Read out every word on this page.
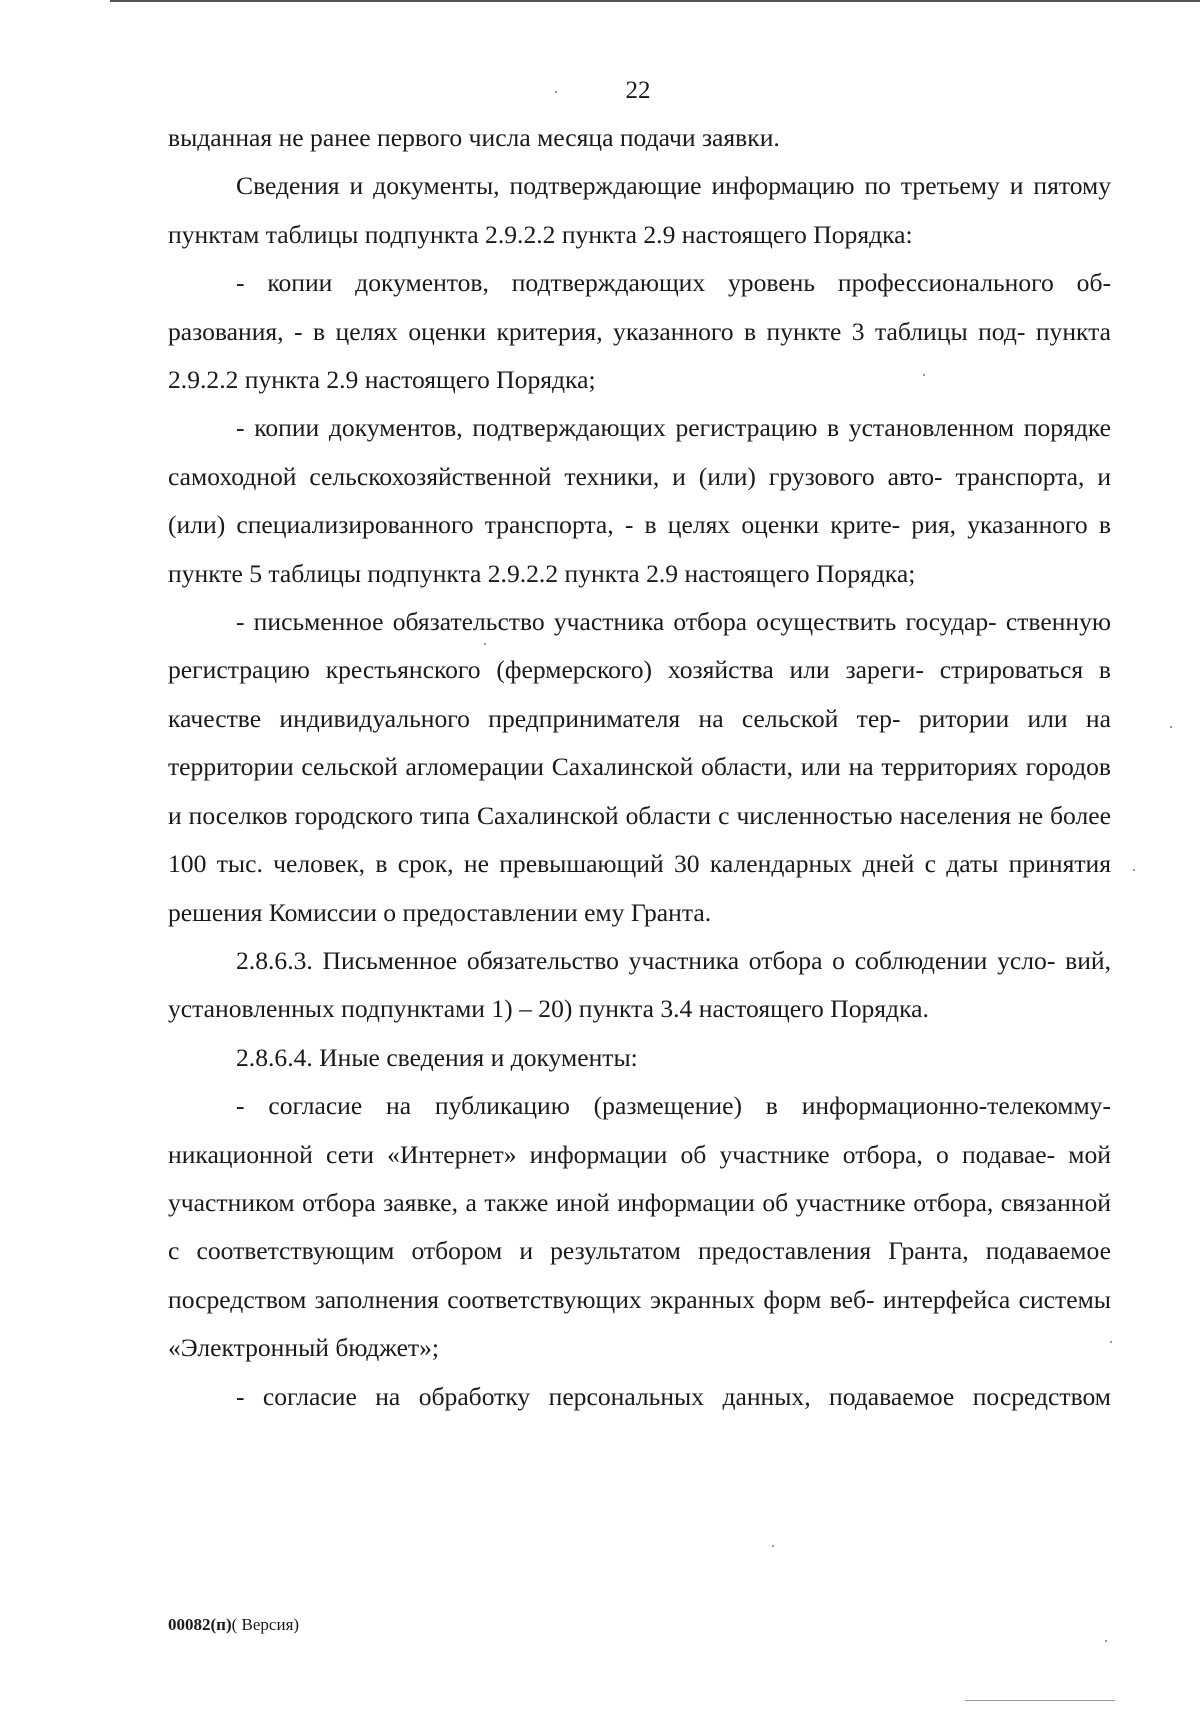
22

выданная не ранее первого числа месяца подачи заявки.

Сведения и документы, подтверждающие информацию по третьему и пятому пунктам таблицы подпункта 2.9.2.2 пункта 2.9 настоящего Порядка:

- копии документов, подтверждающих уровень профессионального об- разования, - в целях оценки критерия, указанного в пункте 3 таблицы под- пункта 2.9.2.2 пункта 2.9 настоящего Порядка;

- копии документов, подтверждающих регистрацию в установленном порядке самоходной сельскохозяйственной техники, и (или) грузового авто- транспорта, и (или) специализированного транспорта, - в целях оценки крите- рия, указанного в пункте 5 таблицы подпункта 2.9.2.2 пункта 2.9 настоящего Порядка;

- письменное обязательство участника отбора осуществить государ- ственную регистрацию крестьянского (фермерского) хозяйства или зареги- стрироваться в качестве индивидуального предпринимателя на сельской тер- ритории или на территории сельской агломерации Сахалинской области, или на территориях городов и поселков городского типа Сахалинской области с численностью населения не более 100 тыс. человек, в срок, не превышающий 30 календарных дней с даты принятия решения Комиссии о предоставлении ему Гранта.

2.8.6.3. Письменное обязательство участника отбора о соблюдении усло- вий, установленных подпунктами 1) – 20) пункта 3.4 настоящего Порядка.

2.8.6.4. Иные сведения и документы:

- согласие на публикацию (размещение) в информационно-телекомму- никационной сети «Интернет» информации об участнике отбора, о подавае- мой участником отбора заявке, а также иной информации об участнике отбора, связанной с соответствующим отбором и результатом предоставления Гранта, подаваемое посредством заполнения соответствующих экранных форм веб- интерфейса системы «Электронный бюджет»;

- согласие на обработку персональных данных, подаваемое посредством

00082(п)( Версия)
